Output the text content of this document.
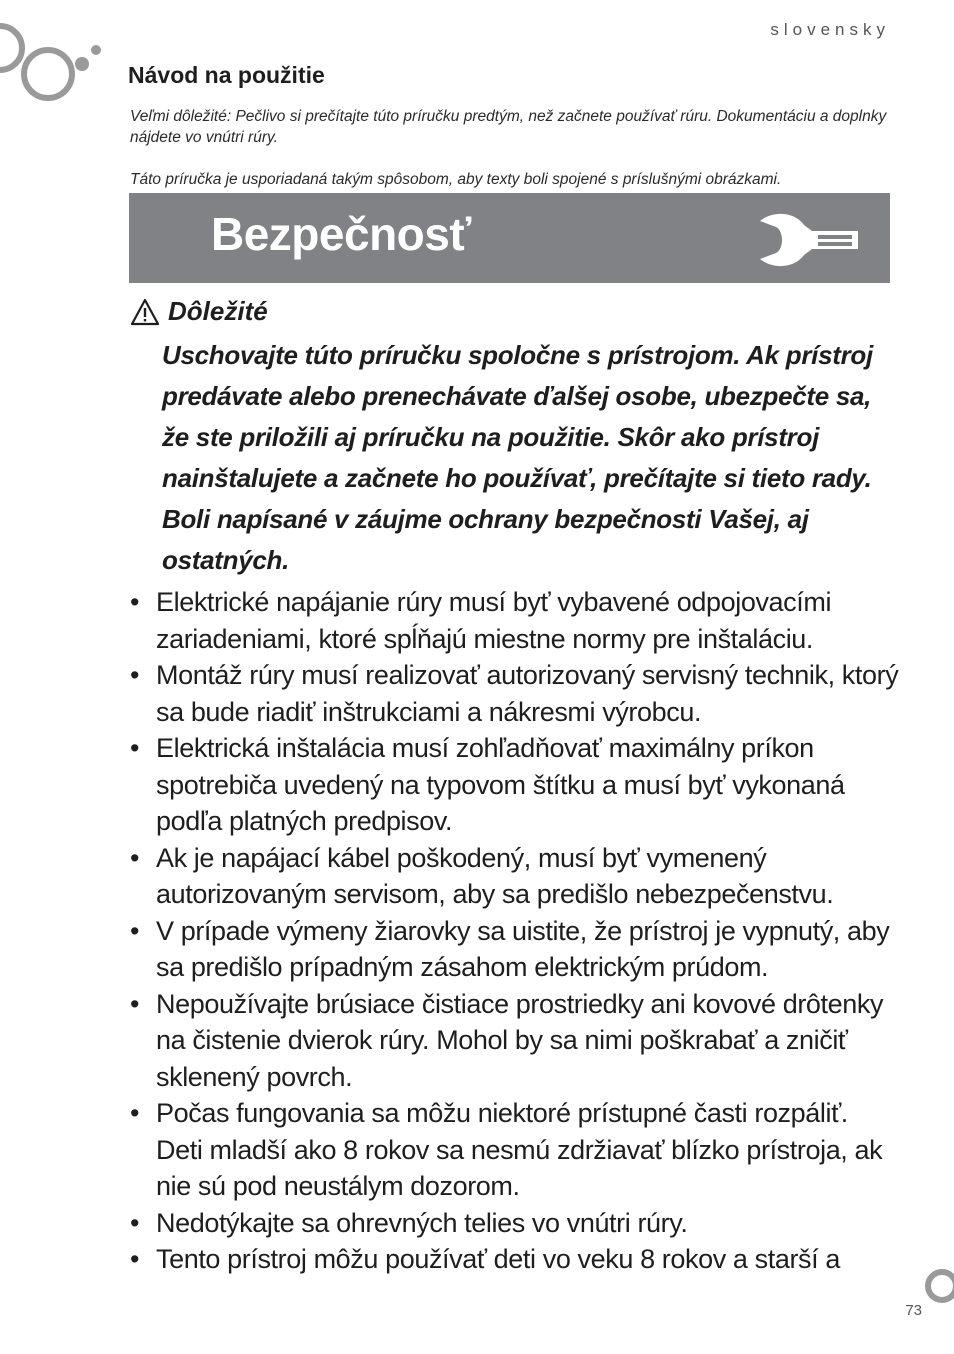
slovensky
Návod na použitie

Veľmi dôležité: Pečlivo si prečítajte túto príručku predtým, než začnete používať rúru. Dokumentáciu a doplnky nájdete vo vnútri rúry.

Táto príručka je usporiadaná takým spôsobom, aby texty boli spojené s príslušnými obrázkami.

Bezpečnosť
Dôležité

Uschovajte túto príručku spoločne s prístrojom. Ak prístroj predávate alebo prenechávate ďalšej osobe, ubezpečte sa, že ste priložili aj príručku na použitie. Skôr ako prístroj nainštalujete a začnete ho používať, prečítajte si tieto rady. Boli napísané v záujme ochrany bezpečnosti Vašej, aj ostatných.

• Elektrické napájanie rúry musí byť vybavené odpojovacími zariadeniami, ktoré spĺňajú miestne normy pre inštaláciu.
• Montáž rúry musí realizovať autorizovaný servisný technik, ktorý sa bude riadiť inštrukciami a nákresmi výrobcu.
• Elektrická inštalácia musí zohľadňovať maximálny príkon spotrebiča uvedený na typovom štítku a musí byť vykonaná podľa platných predpisov.
• Ak je napájací kábel poškodený, musí byť vymenený autorizovaným servisom, aby sa predišlo nebezpečenstvu.
• V prípade výmeny žiarovky sa uistite, že prístroj je vypnutý, aby sa predišlo prípadným zásahom elektrickým prúdom.
• Nepoužívajte brúsiace čistiace prostriedky ani kovové drôtenky na čistenie dvierok rúry. Mohol by sa nimi poškrabať a zničiť sklenený povrch.
• Počas fungovania sa môžu niektoré prístupné časti rozpáliť. Deti mladší ako 8 rokov sa nesmú zdržiavať blízko prístroja, ak nie sú pod neustálym dozorom.
• Nedotýkajte sa ohrevných telies vo vnútri rúry.
• Tento prístroj môžu používať deti vo veku 8 rokov a starší a
73
